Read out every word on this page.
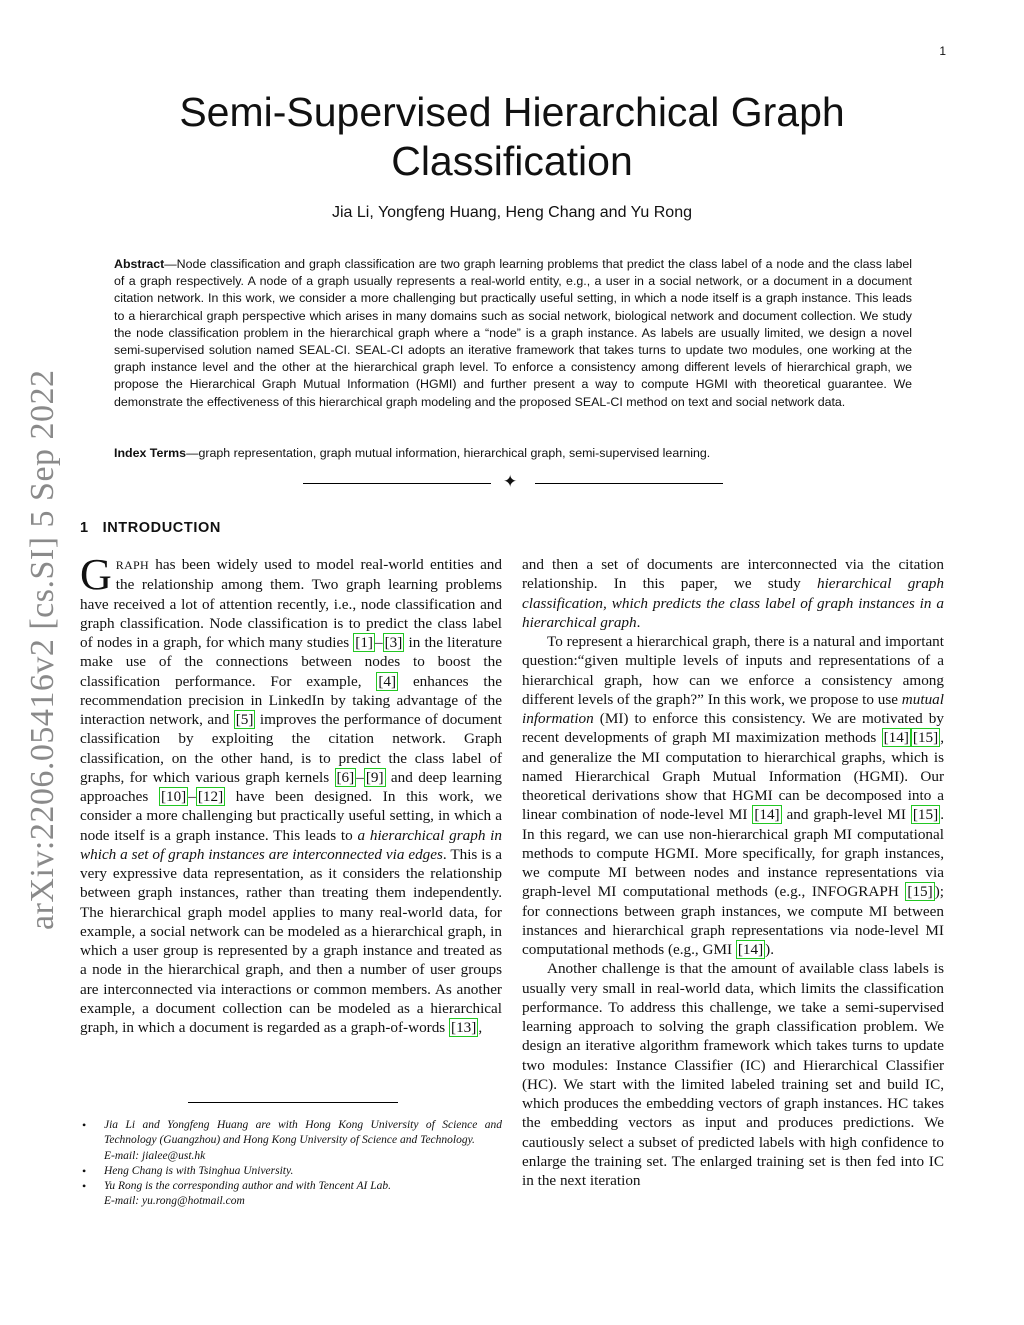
1
arXiv:2206.05416v2 [cs.SI] 5 Sep 2022
Semi-Supervised Hierarchical Graph Classification
Jia Li, Yongfeng Huang, Heng Chang and Yu Rong

Abstract—Node classification and graph classification are two graph learning problems that predict the class label of a node and the class label of a graph respectively. A node of a graph usually represents a real-world entity, e.g., a user in a social network, or a document in a document citation network. In this work, we consider a more challenging but practically useful setting, in which a node itself is a graph instance. This leads to a hierarchical graph perspective which arises in many domains such as social network, biological network and document collection. We study the node classification problem in the hierarchical graph where a “node” is a graph instance. As labels are usually limited, we design a novel semi-supervised solution named SEAL-CI. SEAL-CI adopts an iterative framework that takes turns to update two modules, one working at the graph instance level and the other at the hierarchical graph level. To enforce a consistency among different levels of hierarchical graph, we propose the Hierarchical Graph Mutual Information (HGMI) and further present a way to compute HGMI with theoretical guarantee. We demonstrate the effectiveness of this hierarchical graph modeling and the proposed SEAL-CI method on text and social network data.

Index Terms—graph representation, graph mutual information, hierarchical graph, semi-supervised learning.
✦
1 INTRODUCTION

GRAPH has been widely used to model real-world entities and the relationship among them. Two graph learning problems have received a lot of attention recently, i.e., node classification and graph classification. Node classification is to predict the class label of nodes in a graph, for which many studies [1] – [3] in the literature make use of the connections between nodes to boost the classification performance. For example, [4] enhances the recommendation precision in LinkedIn by taking advantage of the interaction network, and [5] improves the performance of document classification by exploiting the citation network. Graph classification, on the other hand, is to predict the class label of graphs, for which various graph kernels [6] – [9] and deep learning approaches [10] – [12] have been designed. In this work, we consider a more challenging but practically useful setting, in which a node itself is a graph instance. This leads to a hierarchical graph in which a set of graph instances are interconnected via edges. This is a very expressive data representation, as it considers the relationship between graph instances, rather than treating them independently. The hierarchical graph model applies to many real-world data, for example, a social network can be modeled as a hierarchical graph, in which a user group is represented by a graph instance and treated as a node in the hierarchical graph, and then a number of user groups are interconnected via interactions or common members. As another example, a document collection can be modeled as a hierarchical graph, in which a document is regarded as a graph-of-words [13] ,

and then a set of documents are interconnected via the citation relationship. In this paper, we study hierarchical graph classification, which predicts the class label of graph instances in a hierarchical graph.

To represent a hierarchical graph, there is a natural and important question:“given multiple levels of inputs and representations of a hierarchical graph, how can we enforce a consistency among different levels of the graph?” In this work, we propose to use mutual information (MI) to enforce this consistency. We are motivated by recent developments of graph MI maximization methods [14] [15] , and generalize the MI computation to hierarchical graphs, which is named Hierarchical Graph Mutual Information (HGMI). Our theoretical derivations show that HGMI can be decomposed into a linear combination of node-level MI [14] and graph-level MI [15] . In this regard, we can use non-hierarchical graph MI computational methods to compute HGMI. More specifically, for graph instances, we compute MI between nodes and instance representations via graph-level MI computational methods (e.g., INFOGRAPH [15] ); for connections between graph instances, we compute MI between instances and hierarchical graph representations via node-level MI computational methods (e.g., GMI [14] ).

Another challenge is that the amount of available class labels is usually very small in real-world data, which limits the classification performance. To address this challenge, we take a semi-supervised learning approach to solving the graph classification problem. We design an iterative algorithm framework which takes turns to update two modules: Instance Classifier (IC) and Hierarchical Classifier (HC). We start with the limited labeled training set and build IC, which produces the embedding vectors of graph instances. HC takes the embedding vectors as input and produces predictions. We cautiously select a subset of predicted labels with high confidence to enlarge the training set. The enlarged training set is then fed into IC in the next iteration

• Jia Li and Yongfeng Huang are with Hong Kong University of Science and Technology (Guangzhou) and Hong Kong University of Science and Technology.
E-mail: jialee@ust.hk
• Heng Chang is with Tsinghua University.
• Yu Rong is the corresponding author and with Tencent AI Lab.
E-mail: yu.rong@hotmail.com
